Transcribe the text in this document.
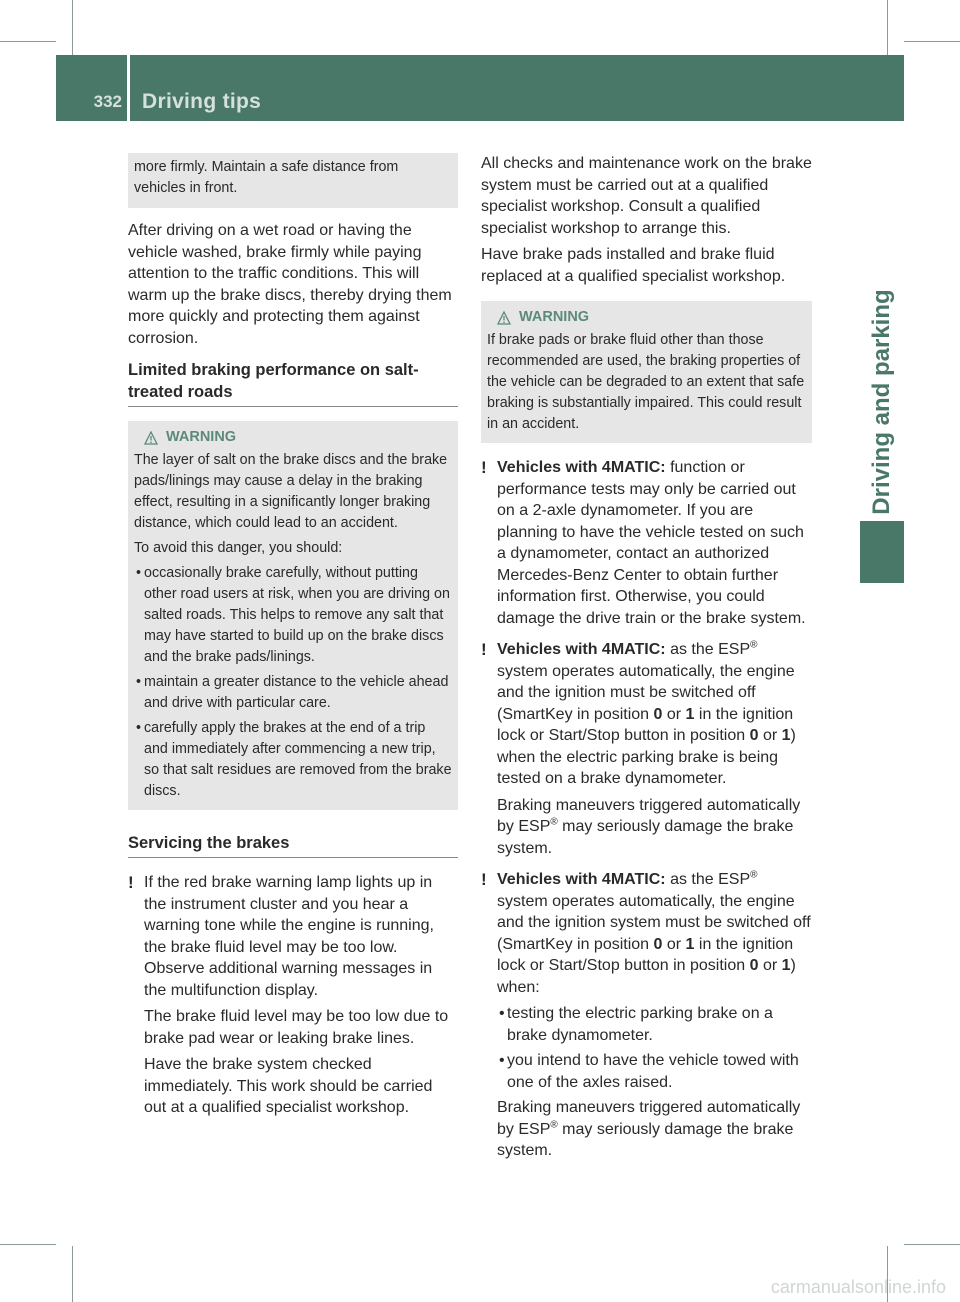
332 Driving tips
Driving and parking

more firmly. Maintain a safe distance from vehicles in front.

After driving on a wet road or having the vehicle washed, brake firmly while paying attention to the traffic conditions. This will warm up the brake discs, thereby drying them more quickly and protecting them against corrosion.

Limited braking performance on salt-treated roads
WARNING

The layer of salt on the brake discs and the brake pads/linings may cause a delay in the braking effect, resulting in a significantly longer braking distance, which could lead to an accident.

To avoid this danger, you should:

• occasionally brake carefully, without putting other road users at risk, when you are driving on salted roads. This helps to remove any salt that may have started to build up on the brake discs and the brake pads/linings.
• maintain a greater distance to the vehicle ahead and drive with particular care.
• carefully apply the brakes at the end of a trip and immediately after commencing a new trip, so that salt residues are removed from the brake discs.
Servicing the brakes
! If the red brake warning lamp lights up in the instrument cluster and you hear a warning tone while the engine is running, the brake fluid level may be too low. Observe additional warning messages in the multifunction display.

The brake fluid level may be too low due to brake pad wear or leaking brake lines.

Have the brake system checked immediately. This work should be carried out at a qualified specialist workshop.

All checks and maintenance work on the brake system must be carried out at a qualified specialist workshop. Consult a qualified specialist workshop to arrange this.

Have brake pads installed and brake fluid replaced at a qualified specialist workshop.

WARNING

If brake pads or brake fluid other than those recommended are used, the braking properties of the vehicle can be degraded to an extent that safe braking is substantially impaired. This could result in an accident.

! Vehicles with 4MATIC: function or performance tests may only be carried out on a 2-axle dynamometer. If you are planning to have the vehicle tested on such a dynamometer, contact an authorized Mercedes-Benz Center to obtain further information first. Otherwise, you could damage the drive train or the brake system.
! Vehicles with 4MATIC: as the ESP® system operates automatically, the engine and the ignition must be switched off (SmartKey in position 0 or 1 in the ignition lock or Start/Stop button in position 0 or 1) when the electric parking brake is being tested on a brake dynamometer.

Braking maneuvers triggered automatically by ESP® may seriously damage the brake system.

! Vehicles with 4MATIC: as the ESP® system operates automatically, the engine and the ignition system must be switched off (SmartKey in position 0 or 1 in the ignition lock or Start/Stop button in position 0 or 1) when:
• testing the electric parking brake on a brake dynamometer.
• you intend to have the vehicle towed with one of the axles raised.

Braking maneuvers triggered automatically by ESP® may seriously damage the brake system.

carmanualsonline.info
